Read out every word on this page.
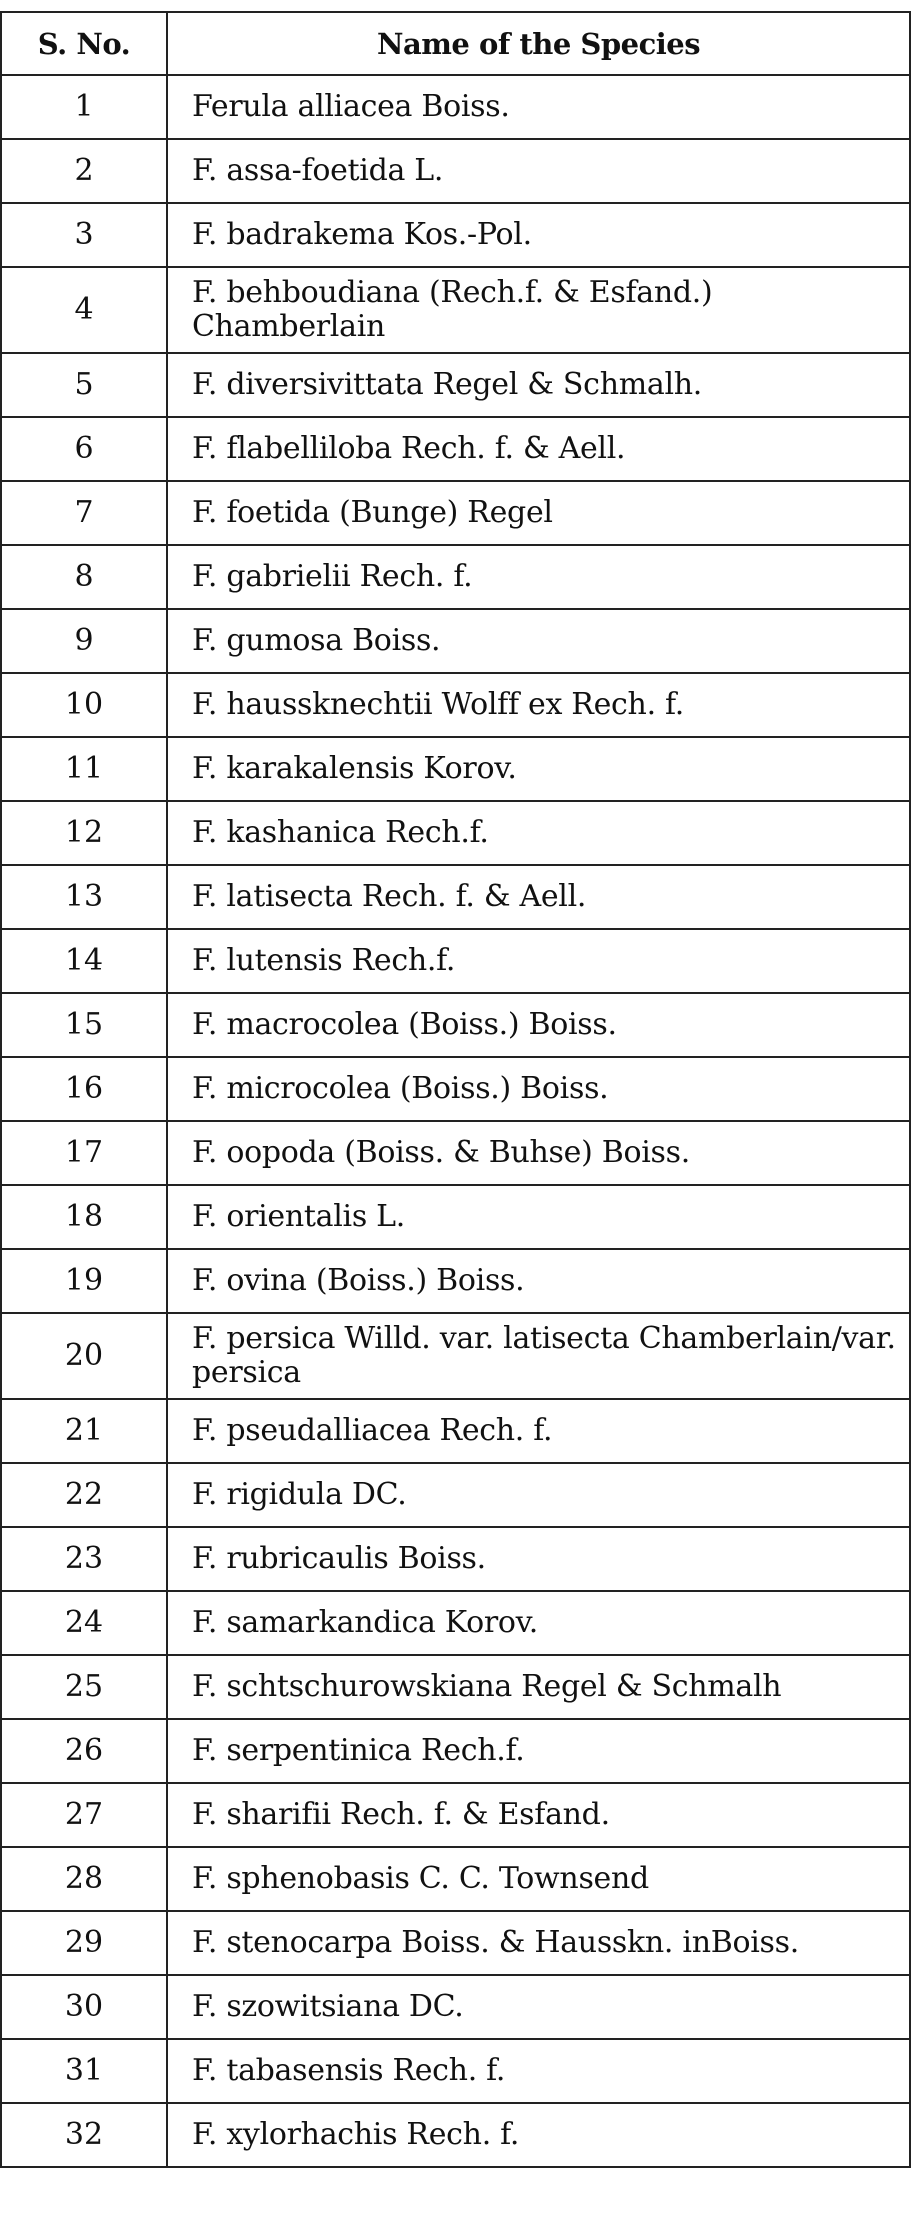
S. No.	Name of the Species
1	Ferula alliacea Boiss.
2	F. assa-foetida L.
3	F. badrakema Kos.-Pol.
4	F. behboudiana (Rech.f. & Esfand.) Chamberlain
5	F. diversivittata Regel & Schmalh.
6	F. flabelliloba Rech. f. & Aell.
7	F. foetida (Bunge) Regel
8	F. gabrielii Rech. f.
9	F. gumosa Boiss.
10	F. haussknechtii Wolff ex Rech. f.
11	F. karakalensis Korov.
12	F. kashanica Rech.f.
13	F. latisecta Rech. f. & Aell.
14	F. lutensis Rech.f.
15	F. macrocolea (Boiss.) Boiss.
16	F. microcolea (Boiss.) Boiss.
17	F. oopoda (Boiss. & Buhse) Boiss.
18	F. orientalis L.
19	F. ovina (Boiss.) Boiss.
20	F. persica Willd. var. latisecta Chamberlain/var. persica
21	F. pseudalliacea Rech. f.
22	F. rigidula DC.
23	F. rubricaulis Boiss.
24	F. samarkandica Korov.
25	F. schtschurowskiana Regel & Schmalh
26	F. serpentinica Rech.f.
27	F. sharifii Rech. f. & Esfand.
28	F. sphenobasis C. C. Townsend
29	F. stenocarpa Boiss. & Hausskn. inBoiss.
30	F. szowitsiana DC.
31	F. tabasensis Rech. f.
32	F. xylorhachis Rech. f.
